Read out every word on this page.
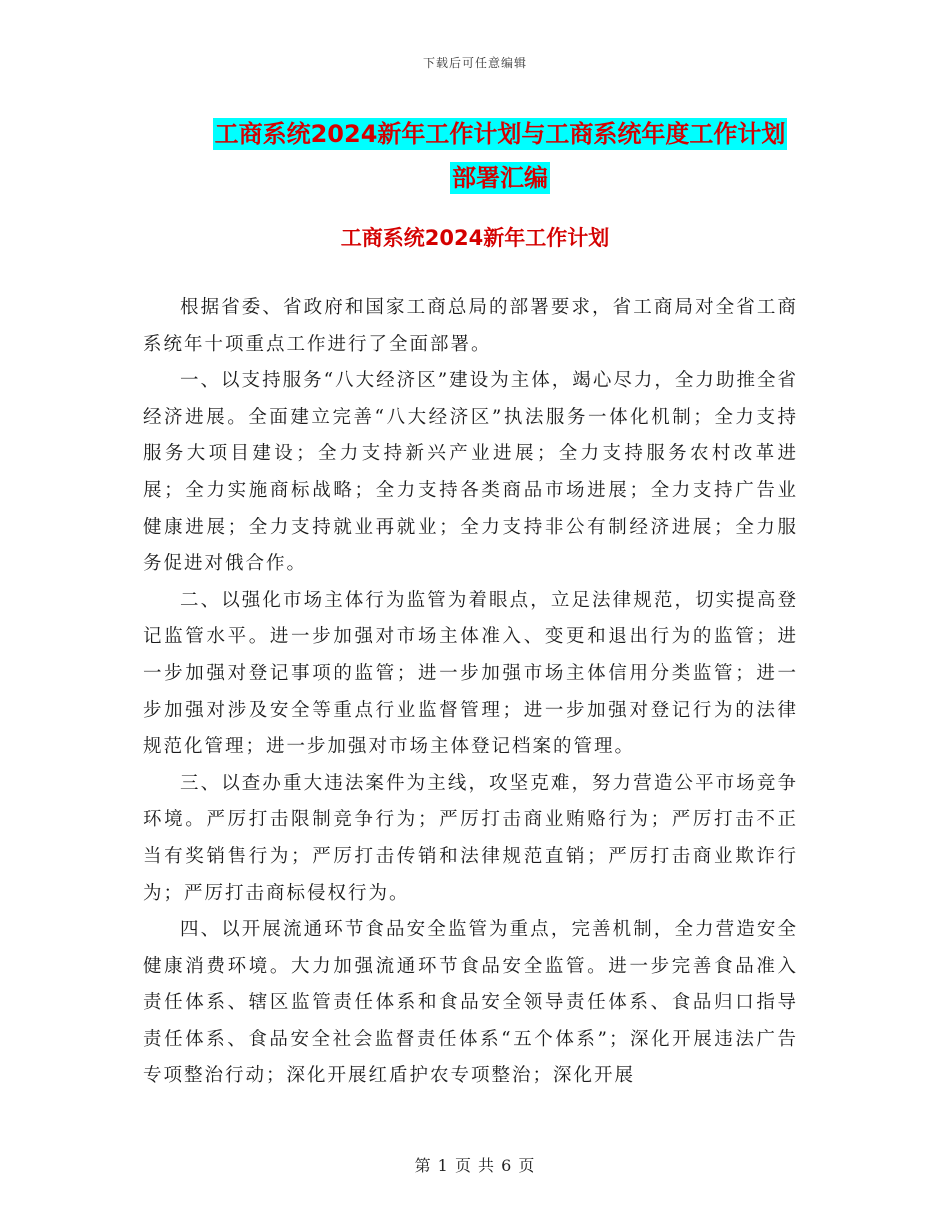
下载后可任意编辑
工商系统2024新年工作计划与工商系统年度工作计划
部署汇编
工商系统2024新年工作计划

根据省委、省政府和国家工商总局的部署要求，省工商局对全省工商系统年十项重点工作进行了全面部署。

一、以支持服务“八大经济区”建设为主体，竭心尽力，全力助推全省经济进展。全面建立完善“八大经济区”执法服务一体化机制；全力支持服务大项目建设；全力支持新兴产业进展；全力支持服务农村改革进展；全力实施商标战略；全力支持各类商品市场进展；全力支持广告业健康进展；全力支持就业再就业；全力支持非公有制经济进展；全力服务促进对俄合作。

二、以强化市场主体行为监管为着眼点，立足法律规范，切实提高登记监管水平。进一步加强对市场主体准入、变更和退出行为的监管；进一步加强对登记事项的监管；进一步加强市场主体信用分类监管；进一步加强对涉及安全等重点行业监督管理；进一步加强对登记行为的法律规范化管理；进一步加强对市场主体登记档案的管理。

三、以查办重大违法案件为主线，攻坚克难，努力营造公平市场竞争环境。严厉打击限制竞争行为；严厉打击商业贿赂行为；严厉打击不正当有奖销售行为；严厉打击传销和法律规范直销；严厉打击商业欺诈行为；严厉打击商标侵权行为。

四、以开展流通环节食品安全监管为重点，完善机制，全力营造安全健康消费环境。大力加强流通环节食品安全监管。进一步完善食品准入责任体系、辖区监管责任体系和食品安全领导责任体系、食品归口指导责任体系、食品安全社会监督责任体系“五个体系”；深化开展违法广告专项整治行动；深化开展红盾护农专项整治；深化开展

第 1 页 共 6 页
